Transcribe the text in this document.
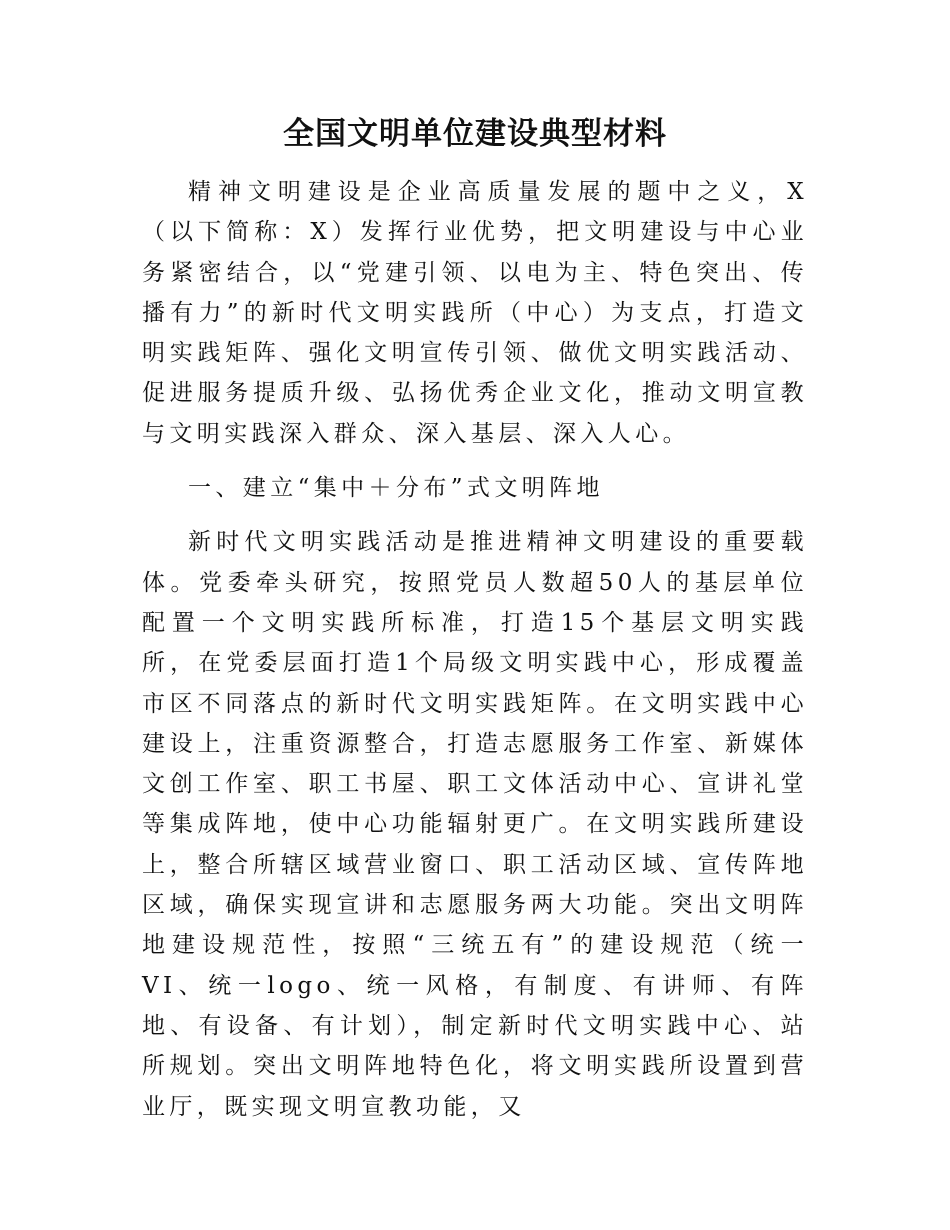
全国文明单位建设典型材料

精神文明建设是企业高质量发展的题中之义，X（以下简称：X）发挥行业优势，把文明建设与中心业务紧密结合，以“党建引领、以电为主、特色突出、传播有力”的新时代文明实践所（中心）为支点，打造文明实践矩阵、强化文明宣传引领、做优文明实践活动、促进服务提质升级、弘扬优秀企业文化，推动文明宣教与文明实践深入群众、深入基层、深入人心。

一、建立“集中＋分布”式文明阵地

新时代文明实践活动是推进精神文明建设的重要载体。党委牵头研究，按照党员人数超50人的基层单位配置一个文明实践所标准，打造15个基层文明实践所，在党委层面打造1个局级文明实践中心，形成覆盖市区不同落点的新时代文明实践矩阵。在文明实践中心建设上，注重资源整合，打造志愿服务工作室、新媒体文创工作室、职工书屋、职工文体活动中心、宣讲礼堂等集成阵地，使中心功能辐射更广。在文明实践所建设上，整合所辖区域营业窗口、职工活动区域、宣传阵地区域，确保实现宣讲和志愿服务两大功能。突出文明阵地建设规范性，按照“三统五有”的建设规范（统一VI、统一logo、统一风格，有制度、有讲师、有阵地、有设备、有计划），制定新时代文明实践中心、站所规划。突出文明阵地特色化，将文明实践所设置到营业厅，既实现文明宣教功能，又
